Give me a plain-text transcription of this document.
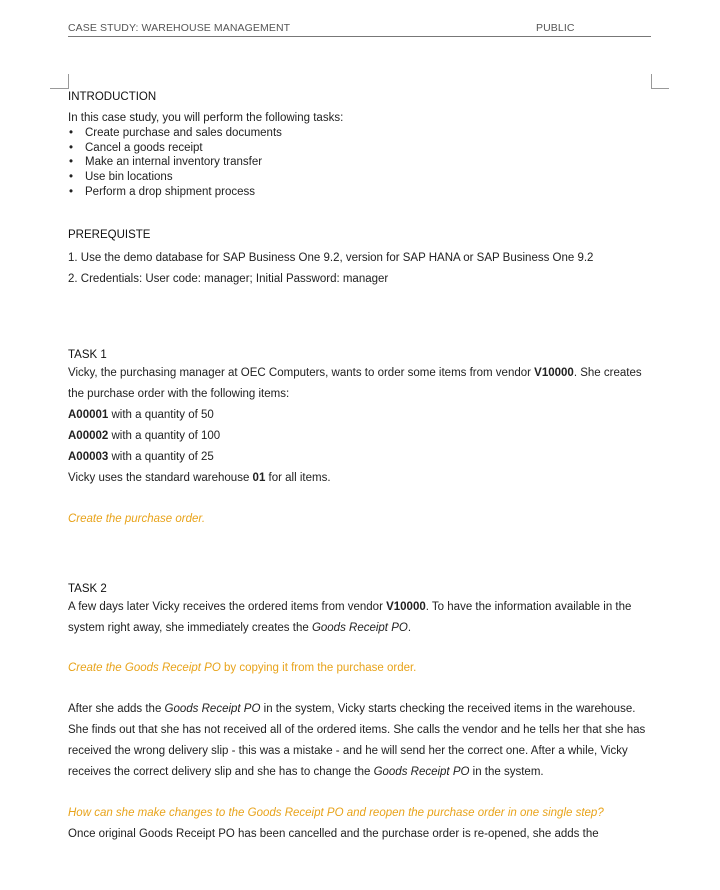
CASE STUDY: WAREHOUSE MANAGEMENT	PUBLIC
INTRODUCTION
In this case study, you will perform the following tasks:
• Create purchase and sales documents
• Cancel a goods receipt
• Make an internal inventory transfer
• Use bin locations
• Perform a drop shipment process
PREREQUISTE
1. Use the demo database for SAP Business One 9.2, version for SAP HANA or SAP Business One 9.2
2. Credentials: User code: manager; Initial Password: manager
TASK 1
Vicky, the purchasing manager at OEC Computers, wants to order some items from vendor V10000. She creates the purchase order with the following items:
A00001 with a quantity of 50
A00002 with a quantity of 100
A00003 with a quantity of 25
Vicky uses the standard warehouse 01 for all items.
Create the purchase order.
TASK 2
A few days later Vicky receives the ordered items from vendor V10000. To have the information available in the system right away, she immediately creates the Goods Receipt PO.
Create the Goods Receipt PO by copying it from the purchase order.
After she adds the Goods Receipt PO in the system, Vicky starts checking the received items in the warehouse. She finds out that she has not received all of the ordered items. She calls the vendor and he tells her that she has received the wrong delivery slip - this was a mistake - and he will send her the correct one. After a while, Vicky receives the correct delivery slip and she has to change the Goods Receipt PO in the system.
How can she make changes to the Goods Receipt PO and reopen the purchase order in one single step?
Once original Goods Receipt PO has been cancelled and the purchase order is re-opened, she adds the
